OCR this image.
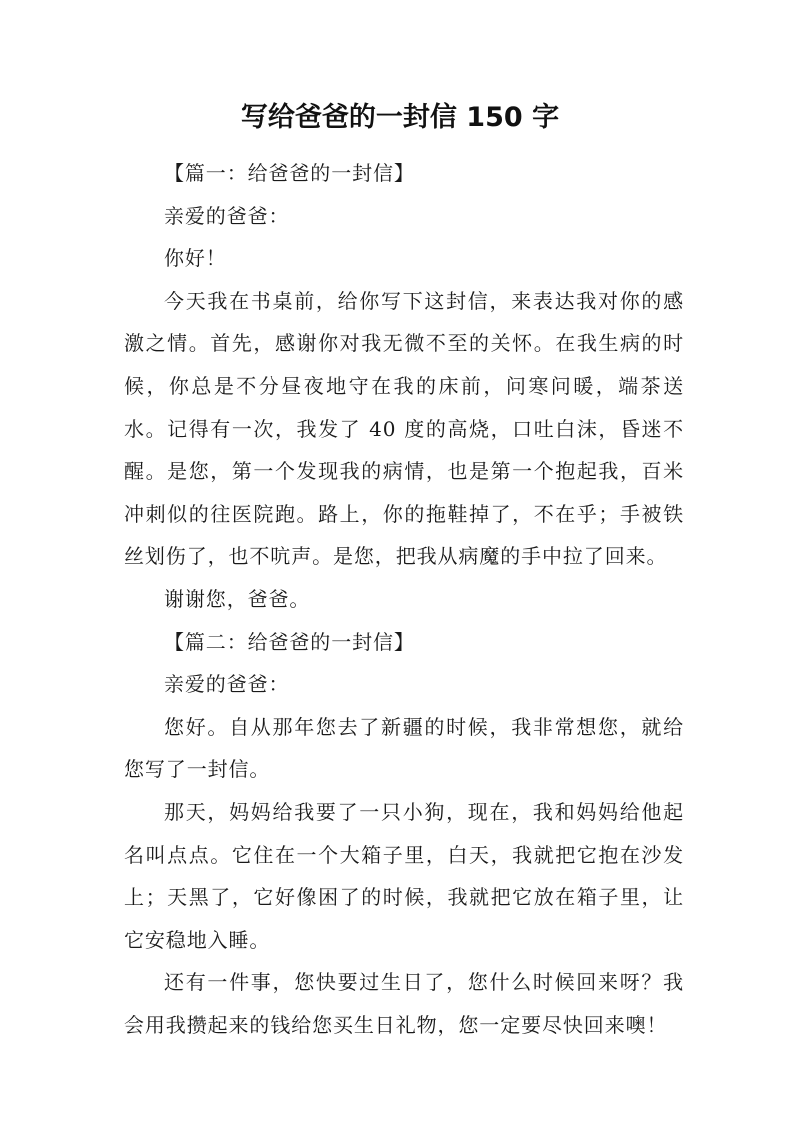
写给爸爸的一封信 150 字

【篇一：给爸爸的一封信】

亲爱的爸爸：

你好！

今天我在书桌前，给你写下这封信，来表达我对你的感激之情。首先，感谢你对我无微不至的关怀。在我生病的时候，你总是不分昼夜地守在我的床前，问寒问暖，端茶送水。记得有一次，我发了 40 度的高烧，口吐白沫，昏迷不醒。是您，第一个发现我的病情，也是第一个抱起我，百米冲刺似的往医院跑。路上，你的拖鞋掉了，不在乎；手被铁丝划伤了，也不吭声。是您，把我从病魔的手中拉了回来。

谢谢您，爸爸。

【篇二：给爸爸的一封信】

亲爱的爸爸：

您好。自从那年您去了新疆的时候，我非常想您，就给您写了一封信。

那天，妈妈给我要了一只小狗，现在，我和妈妈给他起名叫点点。它住在一个大箱子里，白天，我就把它抱在沙发上；天黑了，它好像困了的时候，我就把它放在箱子里，让它安稳地入睡。

还有一件事，您快要过生日了，您什么时候回来呀？我会用我攒起来的钱给您买生日礼物，您一定要尽快回来噢！
